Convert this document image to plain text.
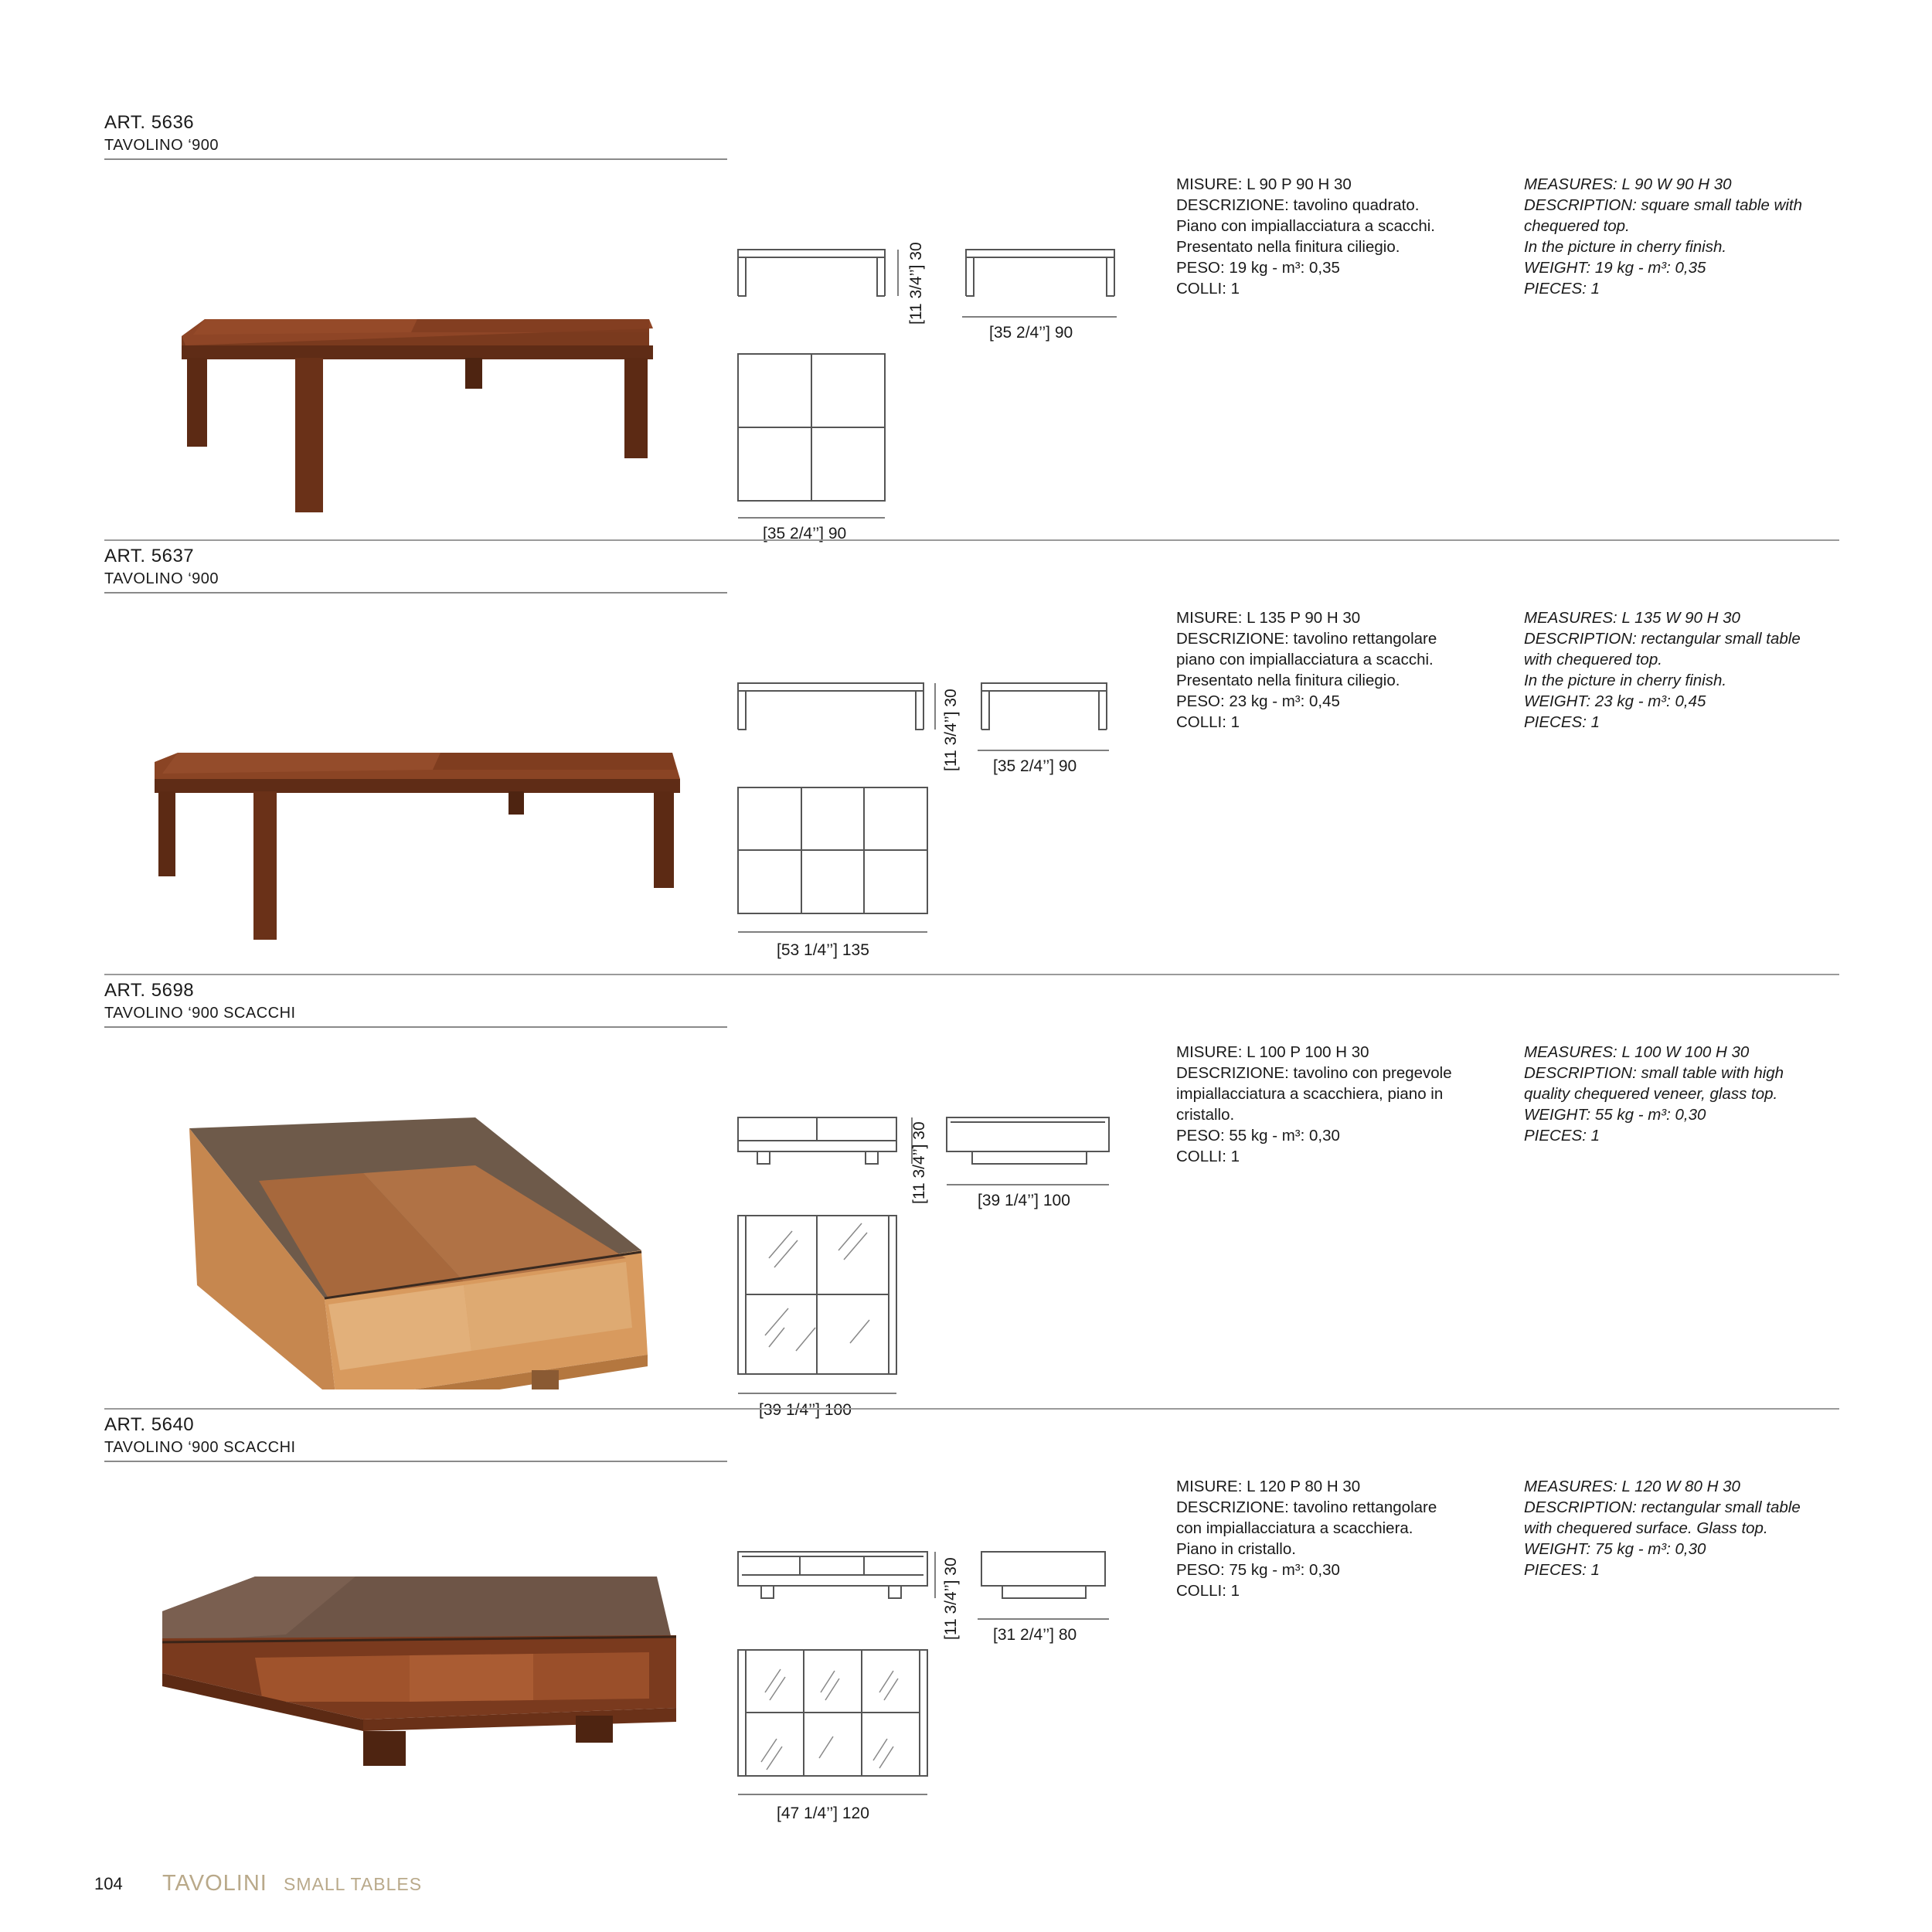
ART. 5636
TAVOLINO ‘900
[11 3/4’’] 30
[35 2/4’’] 90
[35 2/4’’] 90
MISURE: L 90 P 90 H 30
DESCRIZIONE: tavolino quadrato.
Piano con impiallacciatura a scacchi.
Presentato nella finitura ciliegio.
PESO: 19 kg - m³: 0,35
COLLI: 1
MEASURES: L 90 W 90 H 30
DESCRIPTION: square small table with
chequered top.
In the picture in cherry finish.
WEIGHT: 19 kg - m³: 0,35
PIECES: 1
ART. 5637
TAVOLINO ‘900
[11 3/4’’] 30 [35 2/4’’] 90
[53 1/4’’] 135
MISURE: L 135 P 90 H 30
DESCRIZIONE: tavolino rettangolare
piano con impiallacciatura a scacchi.
Presentato nella finitura ciliegio.
PESO: 23 kg - m³: 0,45
COLLI: 1
MEASURES: L 135 W 90 H 30
DESCRIPTION: rectangular small table
with chequered top.
In the picture in cherry finish.
WEIGHT: 23 kg - m³: 0,45
PIECES: 1
ART. 5698
TAVOLINO ‘900 SCACCHI
[11 3/4’’] 30	[39 1/4’’] 100
[39 1/4’’] 100
MISURE: L 100 P 100 H 30
DESCRIZIONE: tavolino con pregevole
impiallacciatura a scacchiera, piano in
cristallo.
PESO: 55 kg - m³: 0,30
COLLI: 1
MEASURES: L 100 W 100 H 30
DESCRIPTION: small table with high
quality chequered veneer, glass top.
WEIGHT: 55 kg - m³: 0,30
PIECES: 1
ART. 5640
TAVOLINO ‘900 SCACCHI
[11 3/4’’] 30 [31 2/4’’] 80
[47 1/4’’] 120
MISURE: L 120 P 80 H 30
DESCRIZIONE: tavolino rettangolare
con impiallacciatura a scacchiera.
Piano in cristallo.
PESO: 75 kg - m³: 0,30
COLLI: 1
MEASURES: L 120 W 80 H 30
DESCRIPTION: rectangular small table
with chequered surface. Glass top.
WEIGHT: 75 kg - m³: 0,30
PIECES: 1
104 TAVOLINI SMALL TABLES
